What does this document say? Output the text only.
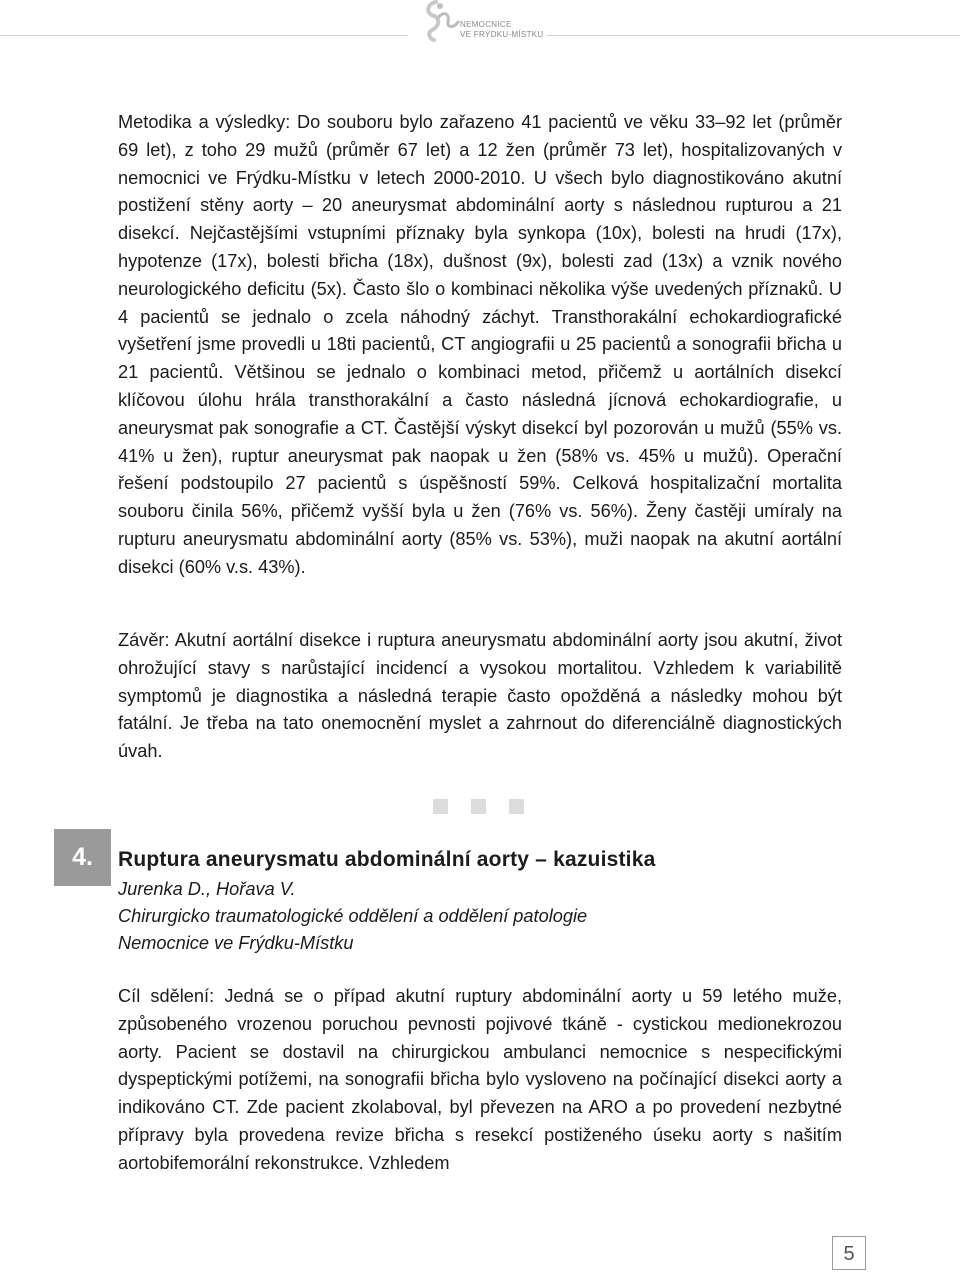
NEMOCNICE
VE FRÝDKU-MÍSTKU

Metodika a výsledky: Do souboru bylo zařazeno 41 pacientů ve věku 33–92 let (průměr 69 let), z toho 29 mužů (průměr 67 let) a 12 žen (průměr 73 let), hospitalizovaných v nemocnici ve Frýdku-Místku v letech 2000-2010. U všech bylo diagnostikováno akutní postižení stěny aorty – 20 aneurysmat abdominální aorty s následnou rupturou a 21 disekcí. Nejčastějšími vstupními příznaky byla synkopa (10x), bolesti na hrudi (17x), hypotenze (17x), bolesti břicha (18x), dušnost (9x), bolesti zad (13x) a vznik nového neurologického deficitu (5x). Často šlo o kombinaci několika výše uvedených příznaků. U 4 pacientů se jednalo o zcela náhodný záchyt. Transthorakální echokardiografické vyšetření jsme provedli u 18ti pacientů, CT angiografii u 25 pacientů a sonografii břicha u 21 pacientů. Většinou se jednalo o kombinaci metod, přičemž u aortálních disekcí klíčovou úlohu hrála transthorakální a často následná jícnová echokardiografie, u aneurysmat pak sonografie a CT. Častější výskyt disekcí byl pozorován u mužů (55% vs. 41% u žen), ruptur aneurysmat pak naopak u žen (58% vs. 45% u mužů). Operační řešení podstoupilo 27 pacientů s úspěšností 59%. Celková hospitalizační mortalita souboru činila 56%, přičemž vyšší byla u žen (76% vs. 56%). Ženy častěji umíraly na rupturu aneurysmatu abdominální aorty (85% vs. 53%), muži naopak na akutní aortální disekci (60% v.s. 43%).

Závěr: Akutní aortální disekce i ruptura aneurysmatu abdominální aorty jsou akutní, život ohrožující stavy s narůstající incidencí a vysokou mortalitou. Vzhledem k variabilitě symptomů je diagnostika a následná terapie často opožděná a následky mohou být fatální. Je třeba na tato onemocnění myslet a zahrnout do diferenciálně diagnostických úvah.

4.	Ruptura aneurysmatu abdominální aorty – kazuistika
Jurenka D., Hořava V.
Chirurgicko traumatologické oddělení a oddělení patologie
Nemocnice ve Frýdku-Místku

Cíl sdělení: Jedná se o případ akutní ruptury abdominální aorty u 59 letého muže, způsobeného vrozenou poruchou pevnosti pojivové tkáně - cystickou medionekrozou aorty. Pacient se dostavil na chirurgickou ambulanci nemocnice s nespecifickými dyspeptickými potížemi, na sonografii břicha bylo vysloveno na počínající disekci aorty a indikováno CT. Zde pacient zkolaboval, byl převezen na ARO a po provedení nezbytné přípravy byla provedena revize břicha s resekcí postiženého úseku aorty s našitím aortobifemorální rekonstrukce. Vzhledem

5
